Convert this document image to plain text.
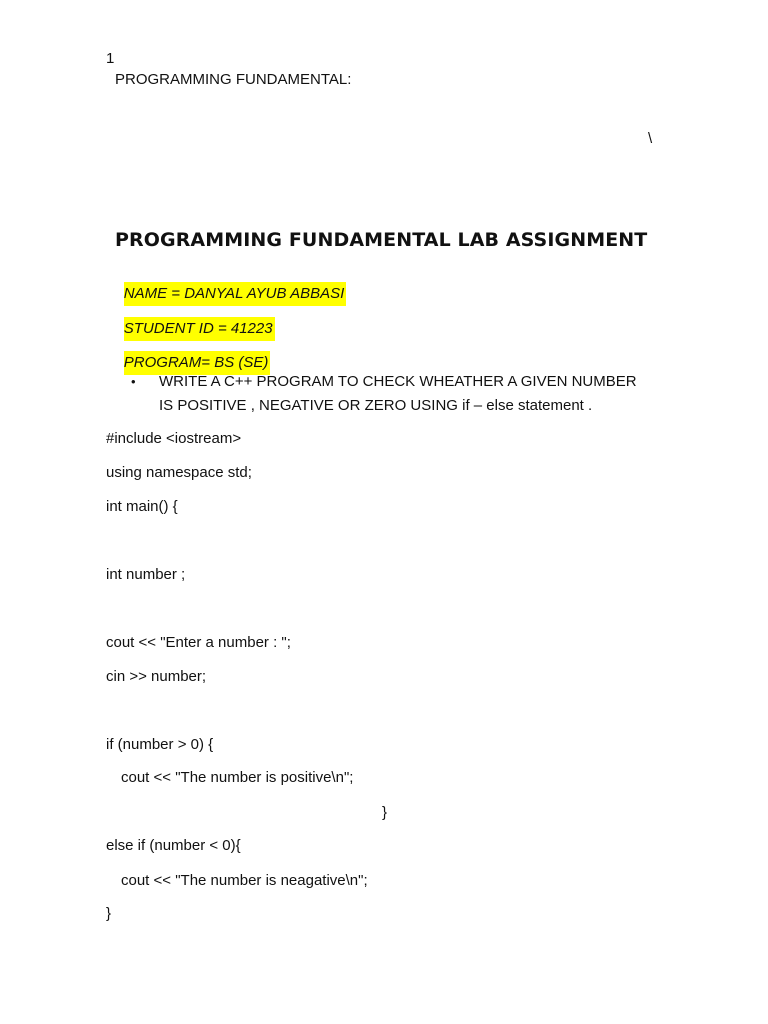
1
PROGRAMMING FUNDAMENTAL:
\
PROGRAMMING FUNDAMENTAL LAB ASSIGNMENT

NAME = DANYAL AYUB ABBASI

STUDENT ID = 41223

PROGRAM= BS (SE)

• WRITE A C++ PROGRAM TO CHECK WHEATHER A GIVEN NUMBER
IS POSITIVE , NEGATIVE OR ZERO USING if – else statement .
#include <iostream>
using namespace std;
int main() {
int number ;
cout << "Enter a number : ";
cin >> number;
if (number > 0) {
cout << "The number is positive\n";
}
else if (number < 0){
cout << "The number is neagative\n";
}
